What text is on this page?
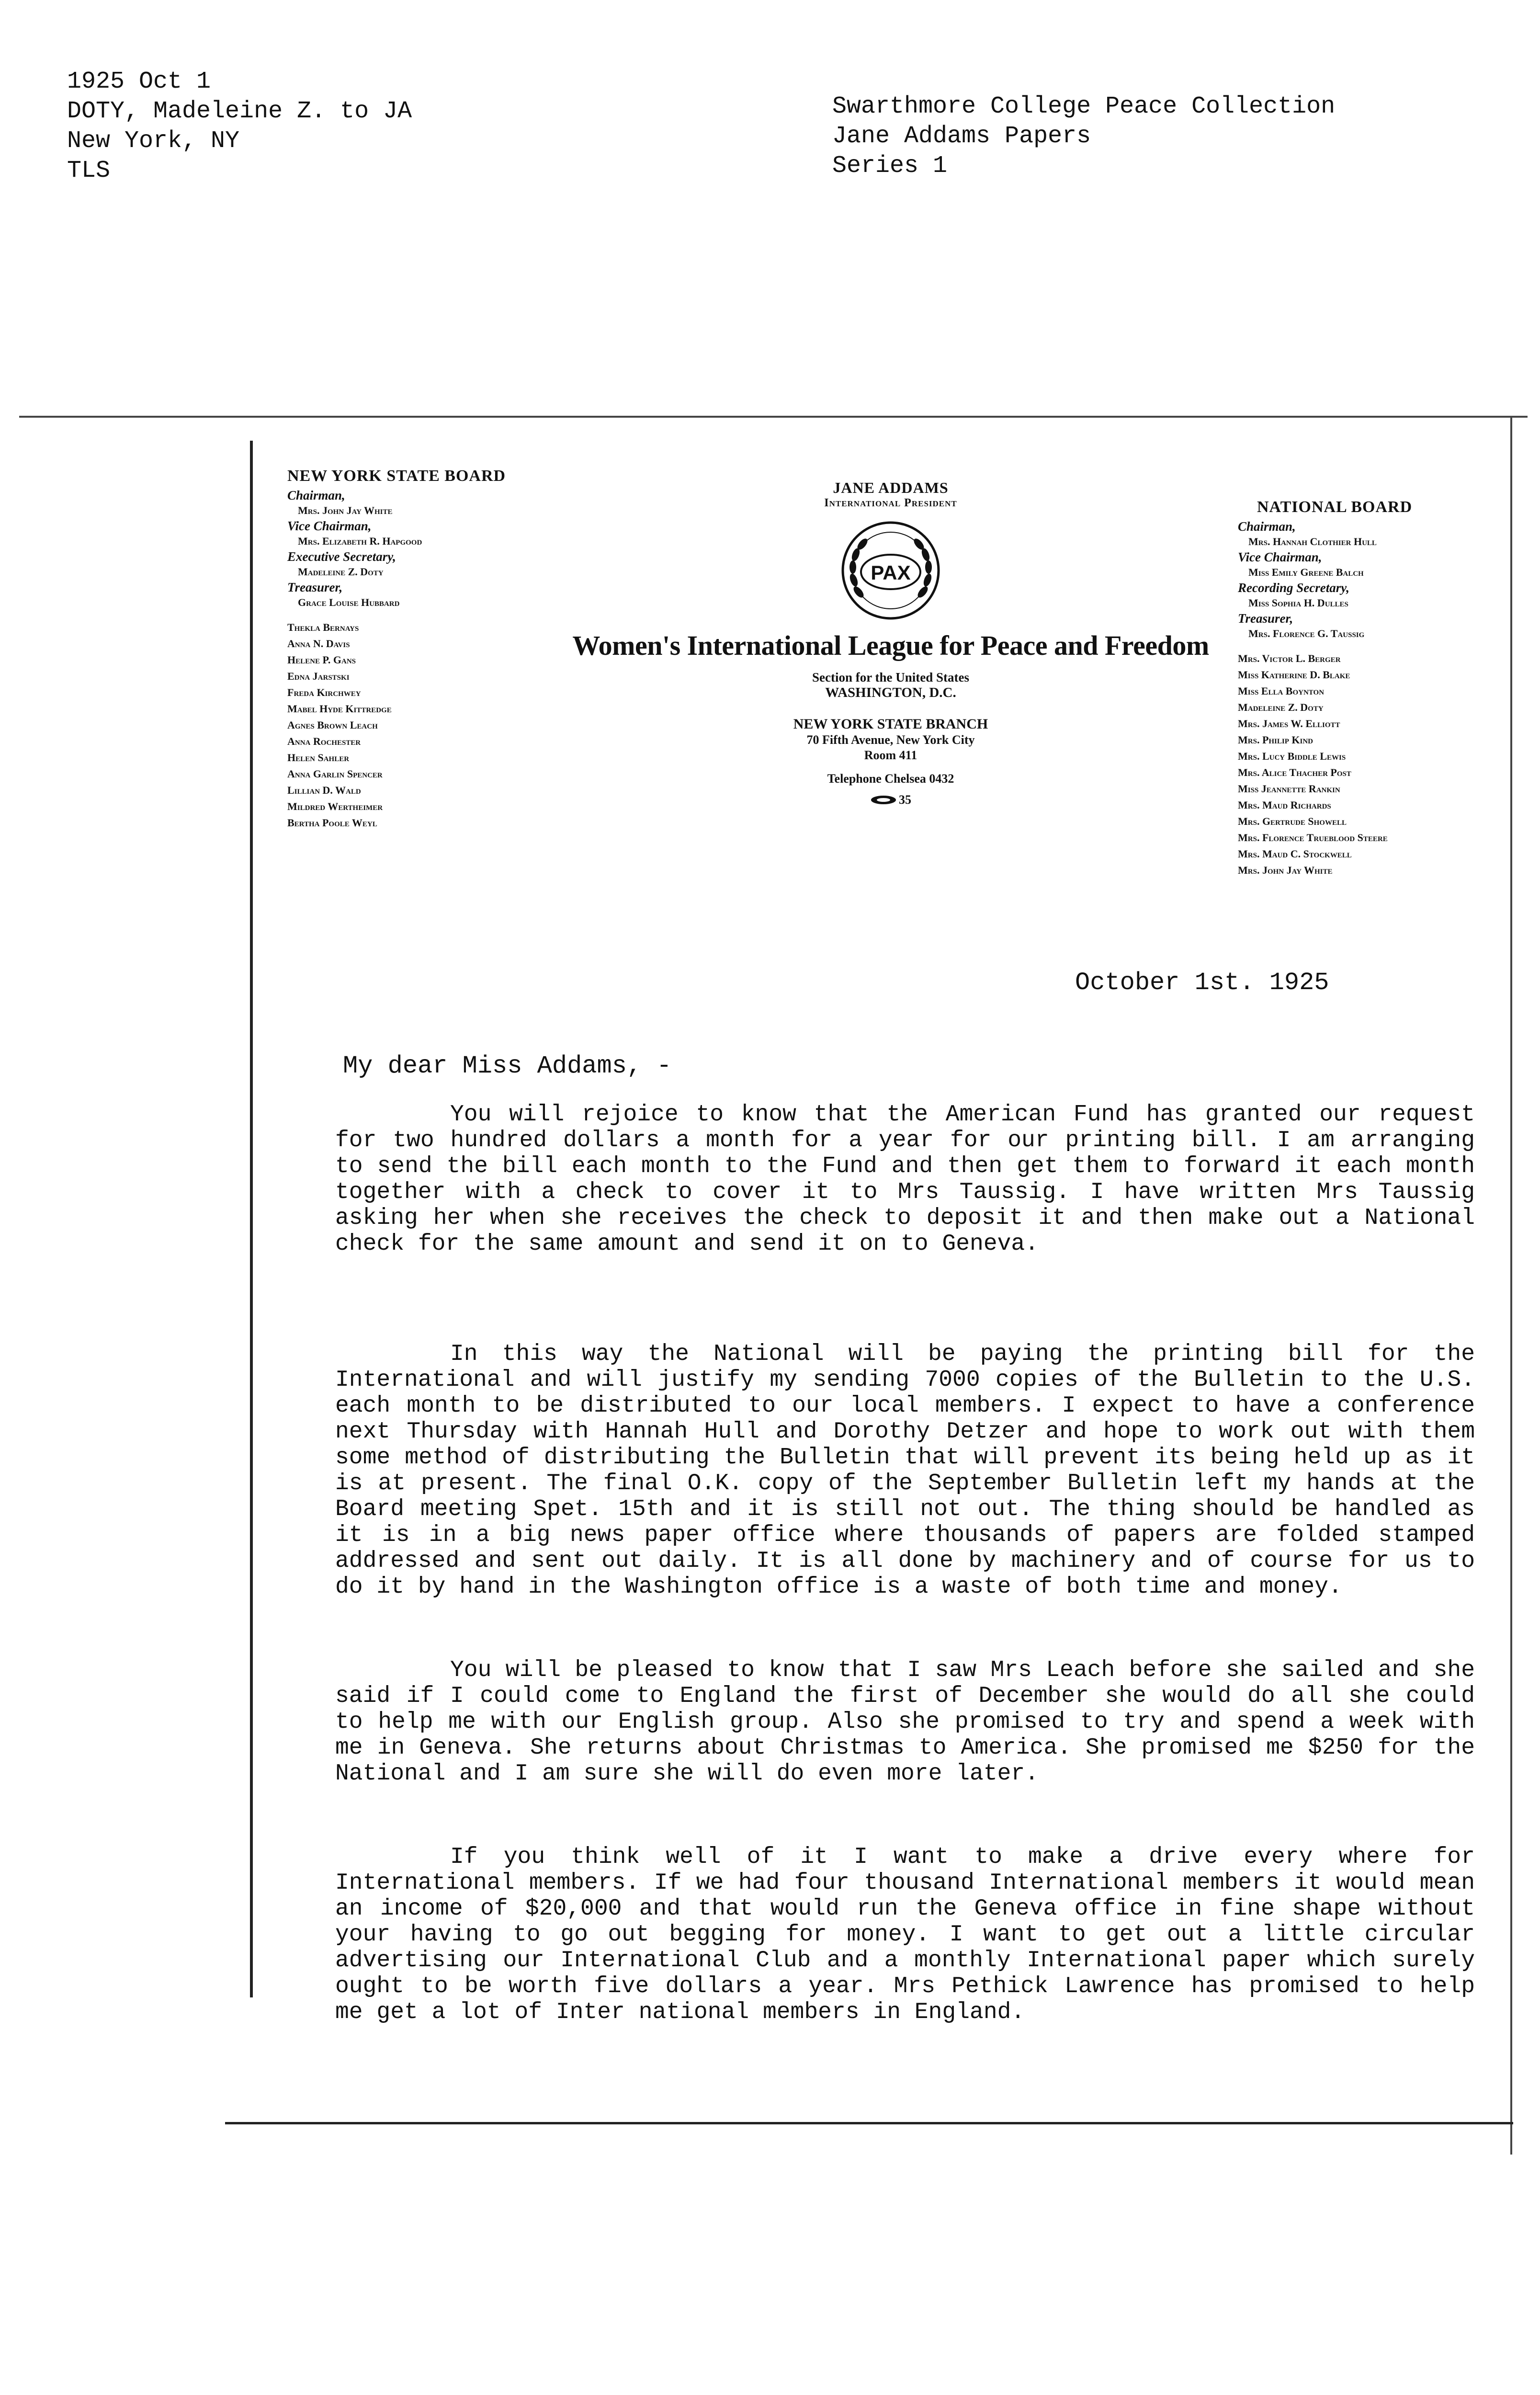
1925 Oct 1
DOTY, Madeleine Z. to JA
New York, NY
TLS
Swarthmore College Peace Collection
Jane Addams Papers
Series 1
NEW YORK STATE BOARD
Chairman,
Mrs. John Jay White
Vice Chairman,
Mrs. Elizabeth R. Hapgood
Executive Secretary,
Madeleine Z. Doty
Treasurer,
Grace Louise Hubbard
Thekla Bernays
Anna N. Davis
Helene P. Gans
Edna Jarstski
Freda Kirchwey
Mabel Hyde Kittredge
Agnes Brown Leach
Anna Rochester
Helen Sahler
Anna Garlin Spencer
Lillian D. Wald
Mildred Wertheimer
Bertha Poole Weyl
JANE ADDAMS
International President
PAX
Women's International League for Peace and Freedom
Section for the United States
WASHINGTON, D.C.
NEW YORK STATE BRANCH
70 Fifth Avenue, New York City
Room 411
Telephone Chelsea 0432
35
NATIONAL BOARD
Chairman,
Mrs. Hannah Clothier Hull
Vice Chairman,
Miss Emily Greene Balch
Recording Secretary,
Miss Sophia H. Dulles
Treasurer,
Mrs. Florence G. Taussig
Mrs. Victor L. Berger
Miss Katherine D. Blake
Miss Ella Boynton
Madeleine Z. Doty
Mrs. James W. Elliott
Mrs. Philip Kind
Mrs. Lucy Biddle Lewis
Mrs. Alice Thacher Post
Miss Jeannette Rankin
Mrs. Maud Richards
Mrs. Gertrude Showell
Mrs. Florence Trueblood Steere
Mrs. Maud C. Stockwell
Mrs. John Jay White
October 1st. 1925
My dear Miss Addams, -
You will rejoice to know that the American Fund has granted our request for two hundred dollars a month for a year for our printing bill. I am arranging to send the bill each month to the Fund and then get them to forward it each month together with a check to cover it to Mrs Taussig. I have written Mrs Taussig asking her when she receives the check to deposit it and then make out a National check for the same amount and send it on to Geneva.
In this way the National will be paying the printing bill for the International and will justify my sending 7000 copies of the Bulletin to the U.S. each month to be distributed to our local members. I expect to have a conference next Thursday with Hannah Hull and Dorothy Detzer and hope to work out with them some method of distributing the Bulletin that will prevent its being held up as it is at present. The final O.K. copy of the September Bulletin left my hands at the Board meeting Spet. 15th and it is still not out. The thing should be handled as it is in a big news paper office where thousands of papers are folded stamped addressed and sent out daily. It is all done by machinery and of course for us to do it by hand in the Washington office is a waste of both time and money.
You will be pleased to know that I saw Mrs Leach before she sailed and she said if I could come to England the first of December she would do all she could to help me with our English group. Also she promised to try and spend a week with me in Geneva. She returns about Christmas to America. She promised me $250 for the National and I am sure she will do even more later.
If you think well of it I want to make a drive every where for International members. If we had four thousand International members it would mean an income of $20,000 and that would run the Geneva office in fine shape without your having to go out begging for money. I want to get out a little circular advertising our International Club and a monthly International paper which surely ought to be worth five dollars a year. Mrs Pethick Lawrence has promised to help me get a lot of Inter national members in England.
